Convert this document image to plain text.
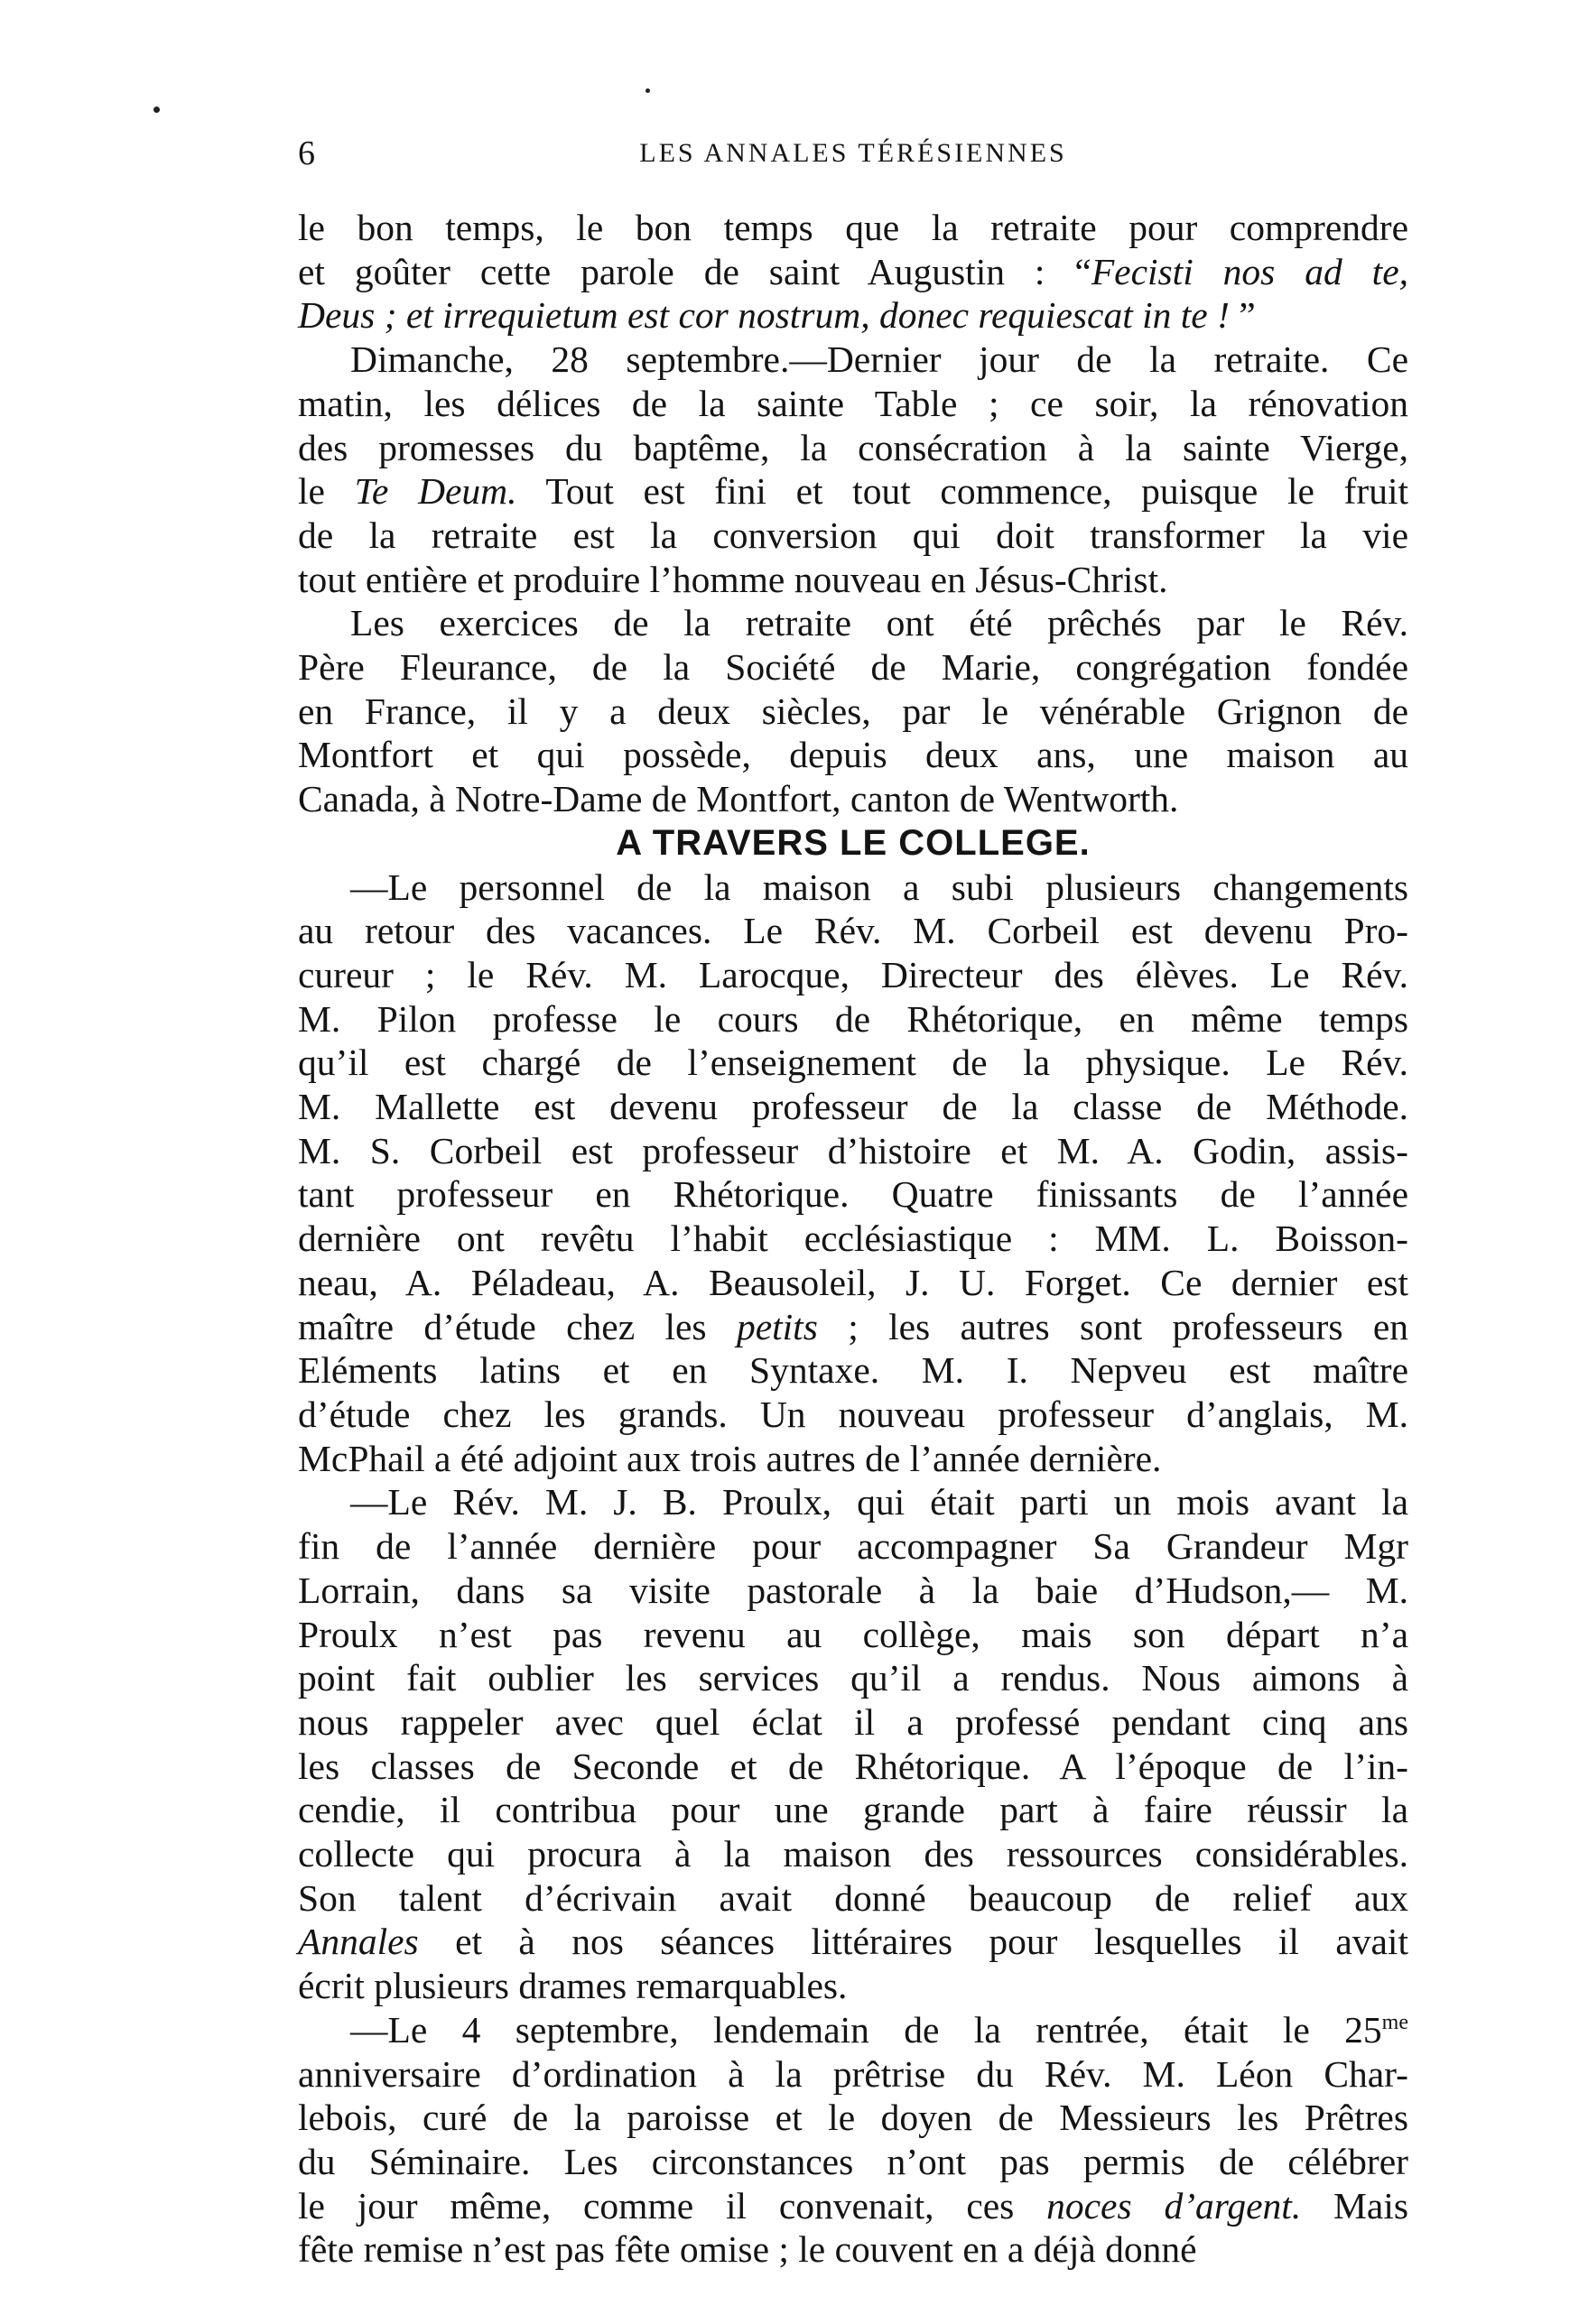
6	LES ANNALES TÉRÉSIENNES

le bon temps, le bon temps que la retraite pour comprendre

et goûter cette parole de saint Augustin : “Fecisti nos ad te,

Deus ; et irrequietum est cor nostrum, donec requiescat in te ! ”

Dimanche, 28 septembre.—Dernier jour de la retraite. Ce

matin, les délices de la sainte Table ; ce soir, la rénovation

des promesses du baptême, la consécration à la sainte Vierge,

le Te Deum. Tout est fini et tout commence, puisque le fruit

de la retraite est la conversion qui doit transformer la vie

tout entière et produire l’homme nouveau en Jésus-Christ.

Les exercices de la retraite ont été prêchés par le Rév.

Père Fleurance, de la Société de Marie, congrégation fondée

en France, il y a deux siècles, par le vénérable Grignon de

Montfort et qui possède, depuis deux ans, une maison au

Canada, à Notre-Dame de Montfort, canton de Wentworth.

A TRAVERS LE COLLEGE.

—Le personnel de la maison a subi plusieurs changements

au retour des vacances. Le Rév. M. Corbeil est devenu Pro-

cureur ; le Rév. M. Larocque, Directeur des élèves. Le Rév.

M. Pilon professe le cours de Rhétorique, en même temps

qu’il est chargé de l’enseignement de la physique. Le Rév.

M. Mallette est devenu professeur de la classe de Méthode.

M. S. Corbeil est professeur d’histoire et M. A. Godin, assis-

tant professeur en Rhétorique. Quatre finissants de l’année

dernière ont revêtu l’habit ecclésiastique : MM. L. Boisson-

neau, A. Péladeau, A. Beausoleil, J. U. Forget. Ce dernier est

maître d’étude chez les petits ; les autres sont professeurs en

Eléments latins et en Syntaxe. M. I. Nepveu est maître

d’étude chez les grands. Un nouveau professeur d’anglais, M.

McPhail a été adjoint aux trois autres de l’année dernière.

—Le Rév. M. J. B. Proulx, qui était parti un mois avant la

fin de l’année dernière pour accompagner Sa Grandeur Mgr

Lorrain, dans sa visite pastorale à la baie d’Hudson,— M.

Proulx n’est pas revenu au collège, mais son départ n’a

point fait oublier les services qu’il a rendus. Nous aimons à

nous rappeler avec quel éclat il a professé pendant cinq ans

les classes de Seconde et de Rhétorique. A l’époque de l’in-

cendie, il contribua pour une grande part à faire réussir la

collecte qui procura à la maison des ressources considérables.

Son talent d’écrivain avait donné beaucoup de relief aux

Annales et à nos séances littéraires pour lesquelles il avait

écrit plusieurs drames remarquables.

—Le 4 septembre, lendemain de la rentrée, était le $25^{me}$

anniversaire d’ordination à la prêtrise du Rév. M. Léon Char-

lebois, curé de la paroisse et le doyen de Messieurs les Prêtres

du Séminaire. Les circonstances n’ont pas permis de célébrer

le jour même, comme il convenait, ces noces d’argent. Mais

fête remise n’est pas fête omise ; le couvent en a déjà donné
